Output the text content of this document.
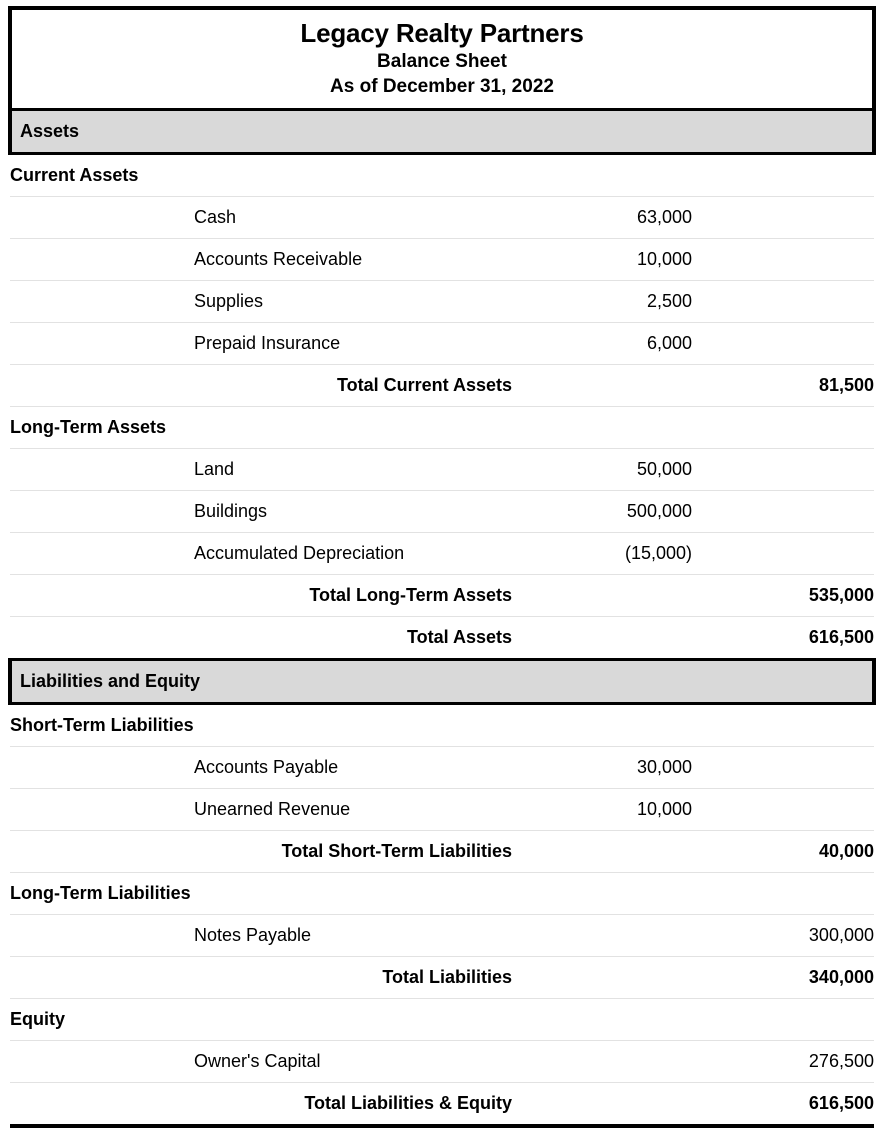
Legacy Realty Partners
Balance Sheet
As of December 31, 2022			

Assets			
Current Assets			
	Cash	63,000	
	Accounts Receivable	10,000	
	Supplies	2,500	
	Prepaid Insurance	6,000	
Total Current Assets			81,500
Long-Term Assets			
	Land	50,000	
	Buildings	500,000	
	Accumulated Depreciation	(15,000)	
Total Long-Term Assets			535,000
Total Assets			616,500
Liabilities and Equity			
Short-Term Liabilities			
	Accounts Payable	30,000	
	Unearned Revenue	10,000	
Total Short-Term Liabilities			40,000
Long-Term Liabilities			
	Notes Payable		300,000
Total Liabilities			340,000
Equity			
	Owner's Capital		276,500
Total Liabilities & Equity			616,500
